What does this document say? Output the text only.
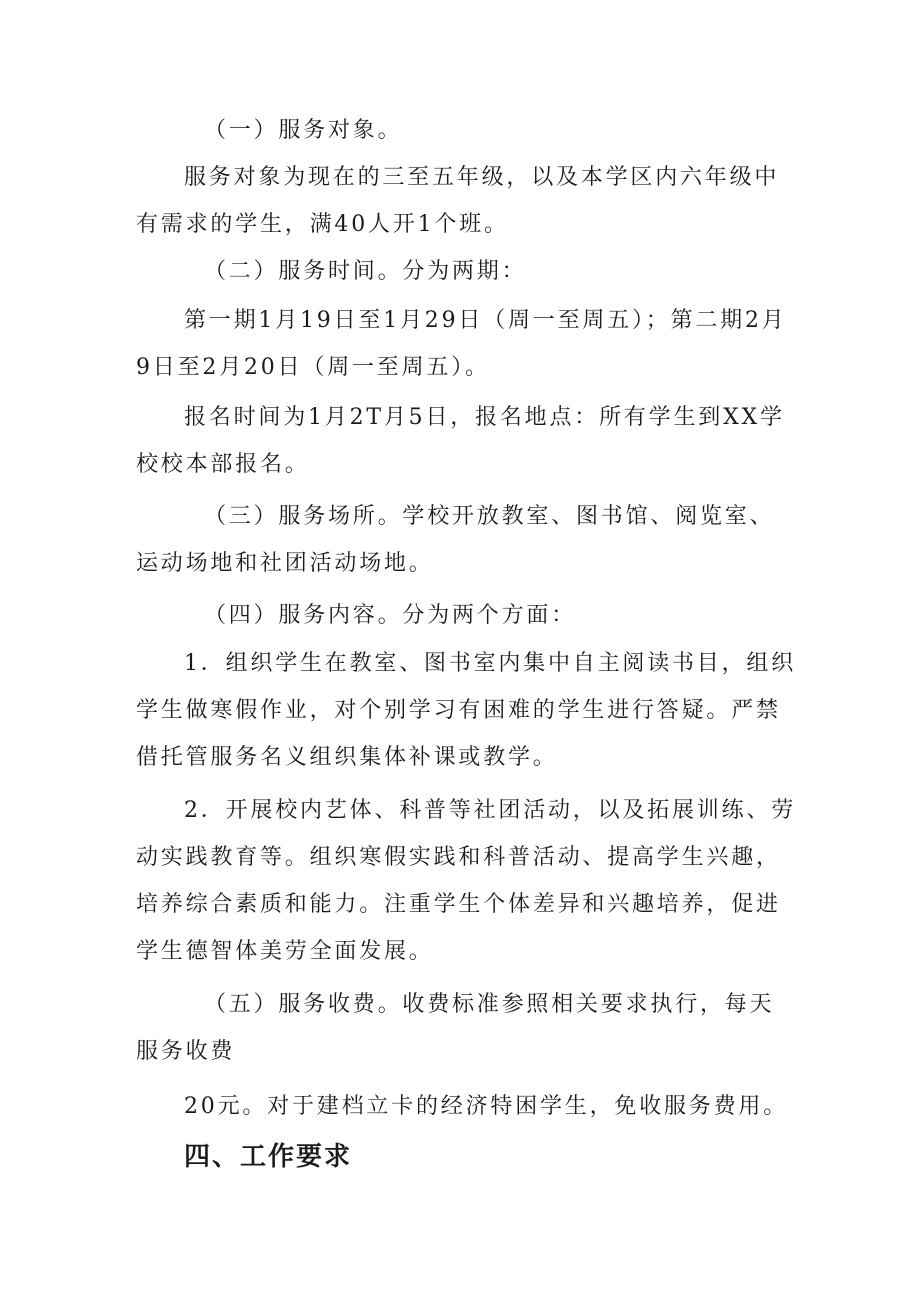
（一）服务对象。

服务对象为现在的三至五年级，以及本学区内六年级中有需求的学生，满40人开1个班。

（二）服务时间。分为两期：

第一期1月19日至1月29日（周一至周五）；第二期2月9日至2月20日（周一至周五）。

报名时间为1月2T月5日，报名地点：所有学生到XX学校校本部报名。

（三）服务场所。学校开放教室、图书馆、阅览室、运动场地和社团活动场地。

（四）服务内容。分为两个方面：

1．组织学生在教室、图书室内集中自主阅读书目，组织学生做寒假作业，对个别学习有困难的学生进行答疑。严禁借托管服务名义组织集体补课或教学。

2．开展校内艺体、科普等社团活动，以及拓展训练、劳动实践教育等。组织寒假实践和科普活动、提高学生兴趣，培养综合素质和能力。注重学生个体差异和兴趣培养，促进学生德智体美劳全面发展。

（五）服务收费。收费标准参照相关要求执行，每天服务收费

20元。对于建档立卡的经济特困学生，免收服务费用。

四、工作要求
